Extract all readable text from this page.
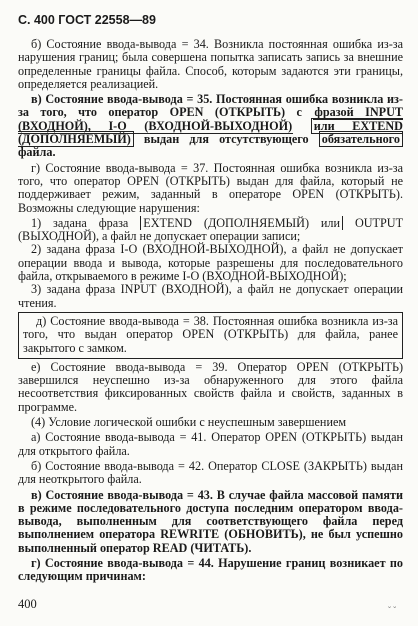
С. 400 ГОСТ 22558—89

б) Состояние ввода-вывода = 34. Возникла постоянная ошибка из-за нарушения границ; была совершена попытка записать запись за внешние определенные границы файла. Способ, которым задаются эти границы, определяется реализацией.

в) Состояние ввода-вывода = 35. Постоянная ошибка возникла из-за того, что оператор OPEN (ОТКРЫТЬ) с фразой INPUT (ВХОДНОЙ), I-O (ВХОДНОЙ-ВЫХОДНОЙ) или EXTEND (ДОПОЛНЯЕМЫЙ) выдан для отсутствующего обязательного файла.

г) Состояние ввода-вывода = 37. Постоянная ошибка возникла из-за того, что оператор OPEN (ОТКРЫТЬ) выдан для файла, который не поддерживает режим, заданный в операторе OPEN (ОТКРЫТЬ). Возможны следующие нарушения:

1) задана фраза EXTEND (ДОПОЛНЯЕМЫЙ) или OUTPUT (ВЫХОДНОЙ), а файл не допускает операции записи;

2) задана фраза I-O (ВХОДНОЙ-ВЫХОДНОЙ), а файл не допускает операции ввода и вывода, которые разрешены для последовательного файла, открываемого в режиме I-O (ВХОДНОЙ-ВЫХОДНОЙ);

3) задана фраза INPUT (ВХОДНОЙ), а файл не допускает операции чтения.

д) Состояние ввода-вывода = 38. Постоянная ошибка возникла из-за того, что выдан оператор OPEN (ОТКРЫТЬ) для файла, ранее закрытого с замком.

е) Состояние ввода-вывода = 39. Оператор OPEN (ОТКРЫТЬ) завершился неуспешно из-за обнаруженного для этого файла несоответствия фиксированных свойств файла и свойств, заданных в программе.

(4) Условие логической ошибки с неуспешным завершением

а) Состояние ввода-вывода = 41. Оператор OPEN (ОТКРЫТЬ) выдан для открытого файла.

б) Состояние ввода-вывода = 42. Оператор CLOSE (ЗАКРЫТЬ) выдан для неоткрытого файла.

в) Состояние ввода-вывода = 43. В случае файла массовой памяти в режиме последовательного доступа последним оператором ввода-вывода, выполненным для соответствующего файла перед выполнением оператора REWRITE (ОБНОВИТЬ), не был успешно выполненный оператор READ (ЧИТАТЬ).

г) Состояние ввода-вывода = 44. Нарушение границ возникает по следующим причинам:

400	˘ ˘
